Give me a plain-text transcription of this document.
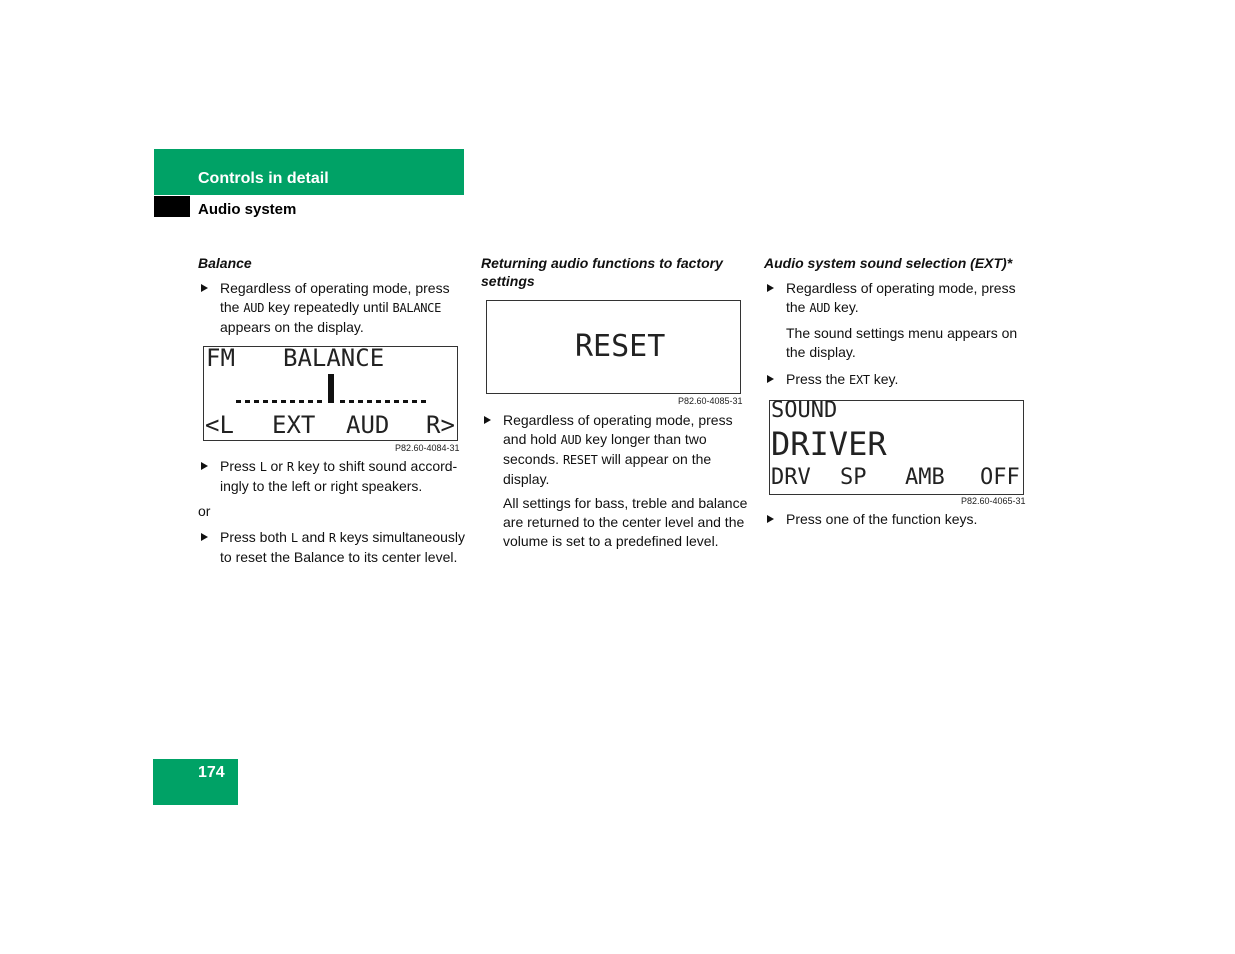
Controls in detail
Audio system
Balance
Regardless of operating mode, press
the AUD key repeatedly until BALANCE
appears on the display.
FM BALANCE
<L EXT AUD R>
P82.60-4084-31
Press L or R key to shift sound accord-
ingly to the left or right speakers.
or
Press both L and R keys simultaneously
to reset the Balance to its center level.
Returning audio functions to factory
settings
RESET
P82.60-4085-31
Regardless of operating mode, press
and hold AUD key longer than two
seconds. RESET will appear on the
display.
All settings for bass, treble and balance
are returned to the center level and the
volume is set to a predefined level.
Audio system sound selection (EXT)*
Regardless of operating mode, press
the AUD key.
The sound settings menu appears on
the display.
Press the EXT key.
SOUND
DRIVER
DRV SP AMB OFF
P82.60-4065-31
Press one of the function keys.
174
